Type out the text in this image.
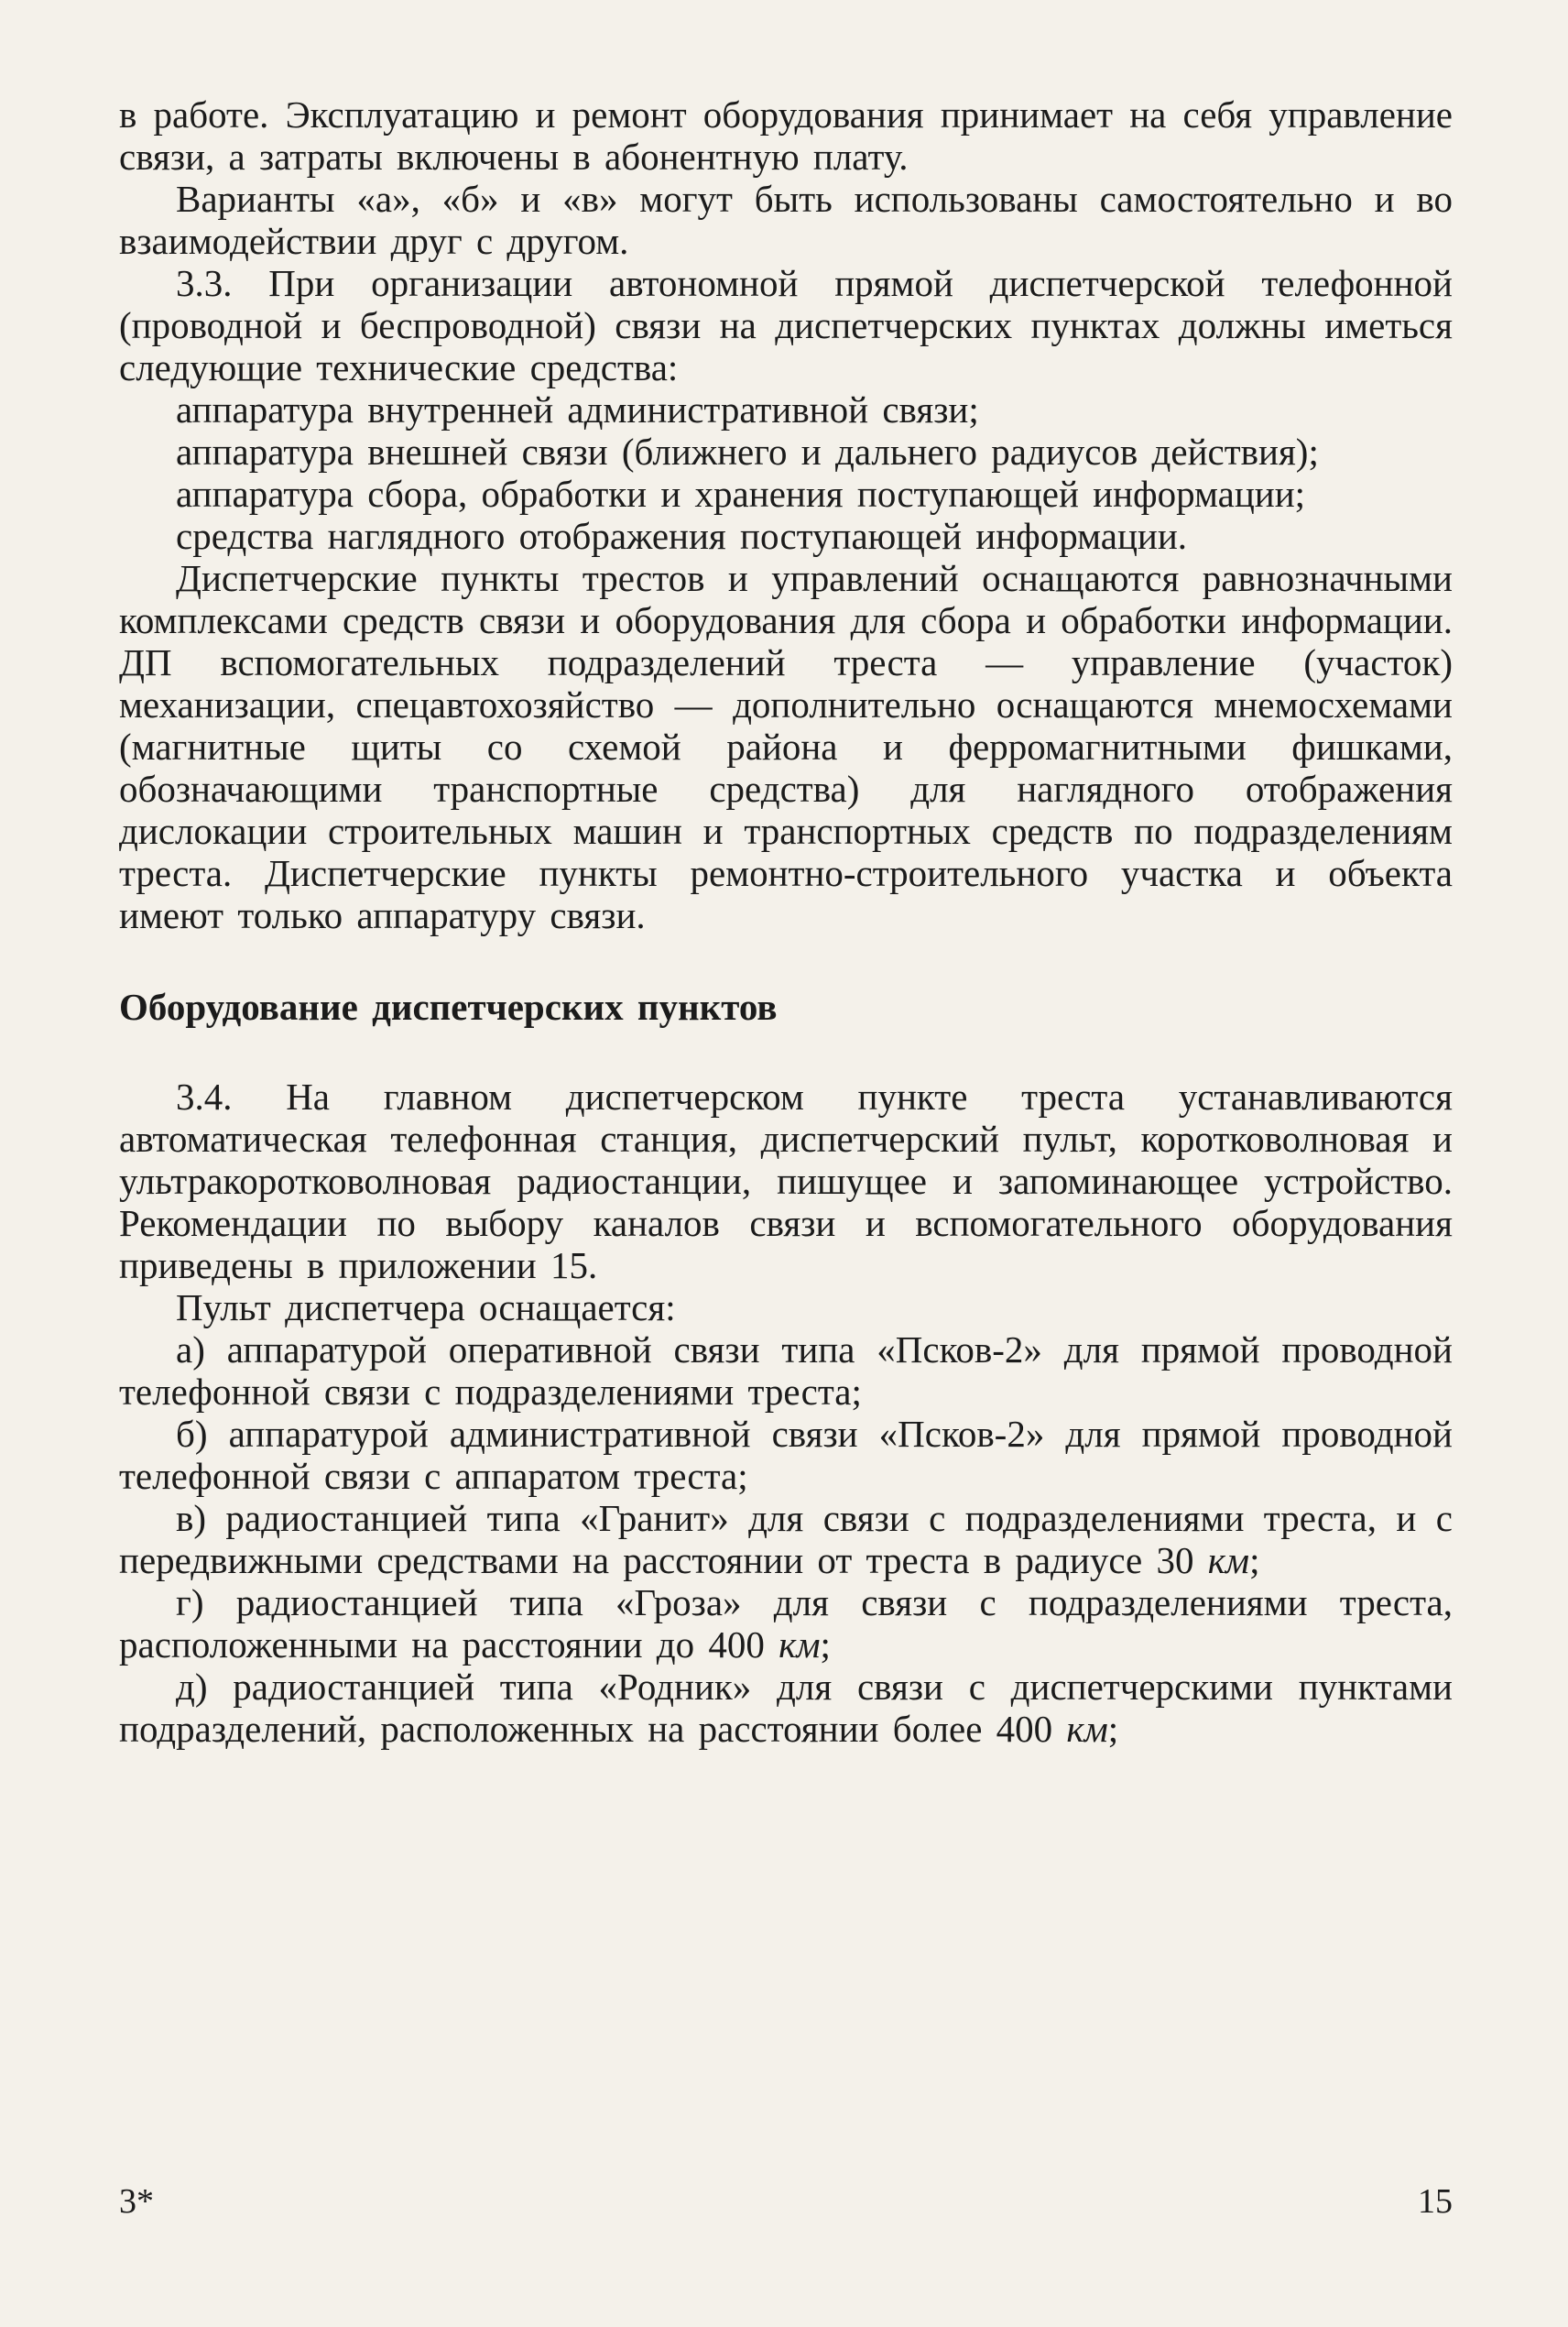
в работе. Эксплуатацию и ремонт оборудования принимает на себя управление связи, а затраты включены в абонентную плату.

Варианты «а», «б» и «в» могут быть использованы самостоятельно и во взаимодействии друг с другом.

3.3. При организации автономной прямой диспетчерской телефонной (проводной и беспроводной) связи на диспетчерских пунктах должны иметься следующие технические средства:

аппаратура внутренней административной связи;

аппаратура внешней связи (ближнего и дальнего радиусов действия);

аппаратура сбора, обработки и хранения поступающей информации;

средства наглядного отображения поступающей информации.

Диспетчерские пункты трестов и управлений оснащаются равнозначными комплексами средств связи и оборудования для сбора и обработки информации. ДП вспомогательных подразделений треста — управление (участок) механизации, спецавтохозяйство — дополнительно оснащаются мнемосхемами (магнитные щиты со схемой района и ферромагнитными фишками, обозначающими транспортные средства) для наглядного отображения дислокации строительных машин и транспортных средств по подразделениям треста. Диспетчерские пункты ремонтно-строительного участка и объекта имеют только аппаратуру связи.

Оборудование диспетчерских пунктов

3.4. На главном диспетчерском пункте треста устанавливаются автоматическая телефонная станция, диспетчерский пульт, коротковолновая и ультракоротковолновая радиостанции, пишущее и запоминающее устройство. Рекомендации по выбору каналов связи и вспомогательного оборудования приведены в приложении 15.

Пульт диспетчера оснащается:

а) аппаратурой оперативной связи типа «Псков-2» для прямой проводной телефонной связи с подразделениями треста;

б) аппаратурой административной связи «Псков-2» для прямой проводной телефонной связи с аппаратом треста;

в) радиостанцией типа «Гранит» для связи с подразделениями треста, и с передвижными средствами на расстоянии от треста в радиусе 30 км;

г) радиостанцией типа «Гроза» для связи с подразделениями треста, расположенными на расстоянии до 400 км;

д) радиостанцией типа «Родник» для связи с диспетчерскими пунктами подразделений, расположенных на расстоянии более 400 км;

3*	15
